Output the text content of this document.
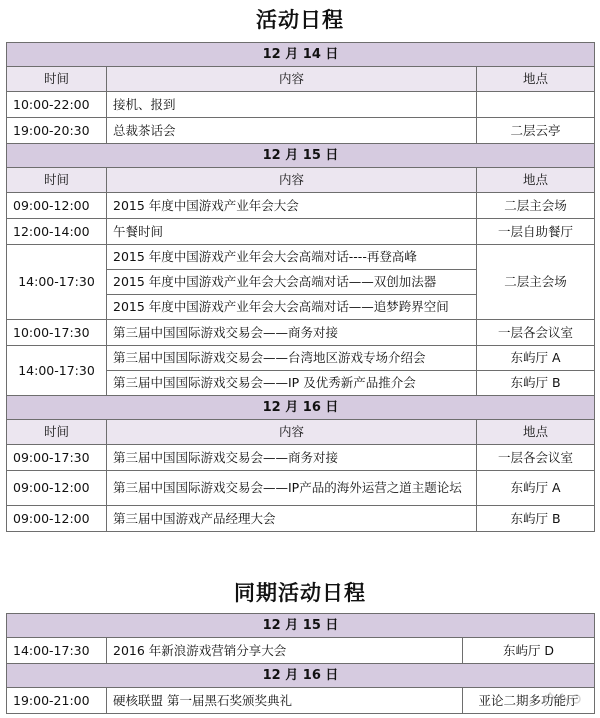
活动日程
12 月 14 日		
时间	内容	地点
10:00-22:00	接机、报到	
19:00-20:30	总裁茶话会	二层云亭
12 月 15 日		
时间	内容	地点
09:00-12:00	2015 年度中国游戏产业年会大会	二层主会场
12:00-14:00	午餐时间	一层自助餐厅
14:00-17:30	2015 年度中国游戏产业年会大会高端对话----再登高峰	二层主会场
	2015 年度中国游戏产业年会大会高端对话——双创加法器	
	2015 年度中国游戏产业年会大会高端对话——追梦跨界空间	
10:00-17:30	第三届中国国际游戏交易会——商务对接	一层各会议室
14:00-17:30	第三届中国国际游戏交易会——台湾地区游戏专场介绍会	东屿厅 A
	第三届中国国际游戏交易会——IP 及优秀新产品推介会	东屿厅 B
12 月 16 日		
时间	内容	地点
09:00-17:30	第三届中国国际游戏交易会——商务对接	一层各会议室
09:00-12:00	第三届中国国际游戏交易会——IP产品的海外运营之道主题论坛	东屿厅 A
09:00-12:00	第三届中国游戏产品经理大会	东屿厅 B
同期活动日程
12 月 15 日		
14:00-17:30	2016 年新浪游戏营销分享大会	东屿厅 D
12 月 16 日		
19:00-21:00	硬核联盟 第一届黑石奖颁奖典礼	亚论二期多功能厅
